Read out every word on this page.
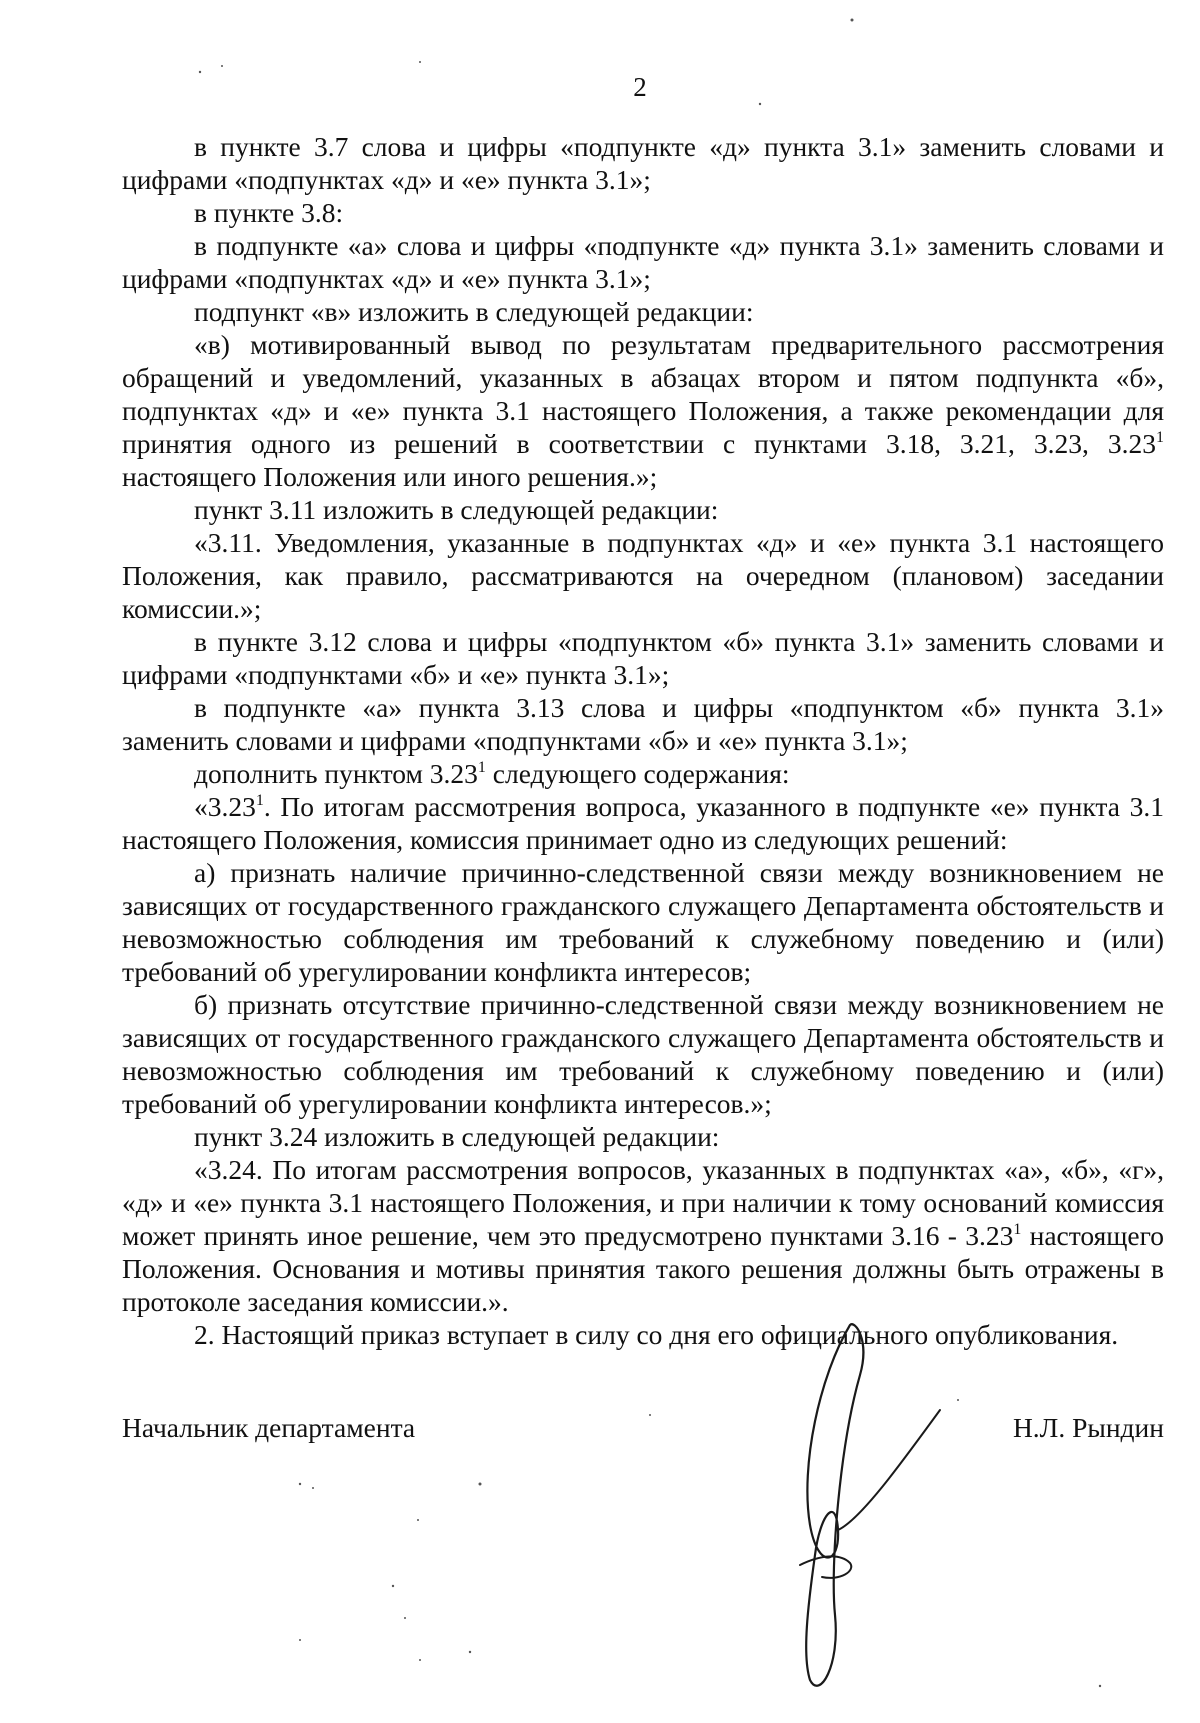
2

в пункте 3.7 слова и цифры «подпункте «д» пункта 3.1» заменить словами и цифрами «подпунктах «д» и «е» пункта 3.1»;

в пункте 3.8:

в подпункте «а» слова и цифры «подпункте «д» пункта 3.1» заменить словами и цифрами «подпунктах «д» и «е» пункта 3.1»;

подпункт «в» изложить в следующей редакции:

«в) мотивированный вывод по результатам предварительного рассмотрения обращений и уведомлений, указанных в абзацах втором и пятом подпункта «б», подпунктах «д» и «е» пункта 3.1 настоящего Положения, а также рекомендации для принятия одного из решений в соответствии с пунктами 3.18, 3.21, 3.23, 3.23$^1$ настоящего Положения или иного решения.»;

пункт 3.11 изложить в следующей редакции:

«3.11. Уведомления, указанные в подпунктах «д» и «е» пункта 3.1 настоящего Положения, как правило, рассматриваются на очередном (плановом) заседании комиссии.»;

в пункте 3.12 слова и цифры «подпунктом «б» пункта 3.1» заменить словами и цифрами «подпунктами «б» и «е» пункта 3.1»;

в подпункте «а» пункта 3.13 слова и цифры «подпунктом «б» пункта 3.1» заменить словами и цифрами «подпунктами «б» и «е» пункта 3.1»;

дополнить пунктом 3.23$^1$ следующего содержания:

«3.23$^1$. По итогам рассмотрения вопроса, указанного в подпункте «е» пункта 3.1 настоящего Положения, комиссия принимает одно из следующих решений:

а) признать наличие причинно-следственной связи между возникновением не зависящих от государственного гражданского служащего Департамента обстоятельств и невозможностью соблюдения им требований к служебному поведению и (или) требований об урегулировании конфликта интересов;

б) признать отсутствие причинно-следственной связи между возникновением не зависящих от государственного гражданского служащего Департамента обстоятельств и невозможностью соблюдения им требований к служебному поведению и (или) требований об урегулировании конфликта интересов.»;

пункт 3.24 изложить в следующей редакции:

«3.24. По итогам рассмотрения вопросов, указанных в подпунктах «а», «б», «г», «д» и «е» пункта 3.1 настоящего Положения, и при наличии к тому оснований комиссия может принять иное решение, чем это предусмотрено пунктами 3.16 - 3.23$^1$ настоящего Положения. Основания и мотивы принятия такого решения должны быть отражены в протоколе заседания комиссии.».

2. Настоящий приказ вступает в силу со дня его официального опубликования.

Начальник департамента	Н.Л. Рындин
